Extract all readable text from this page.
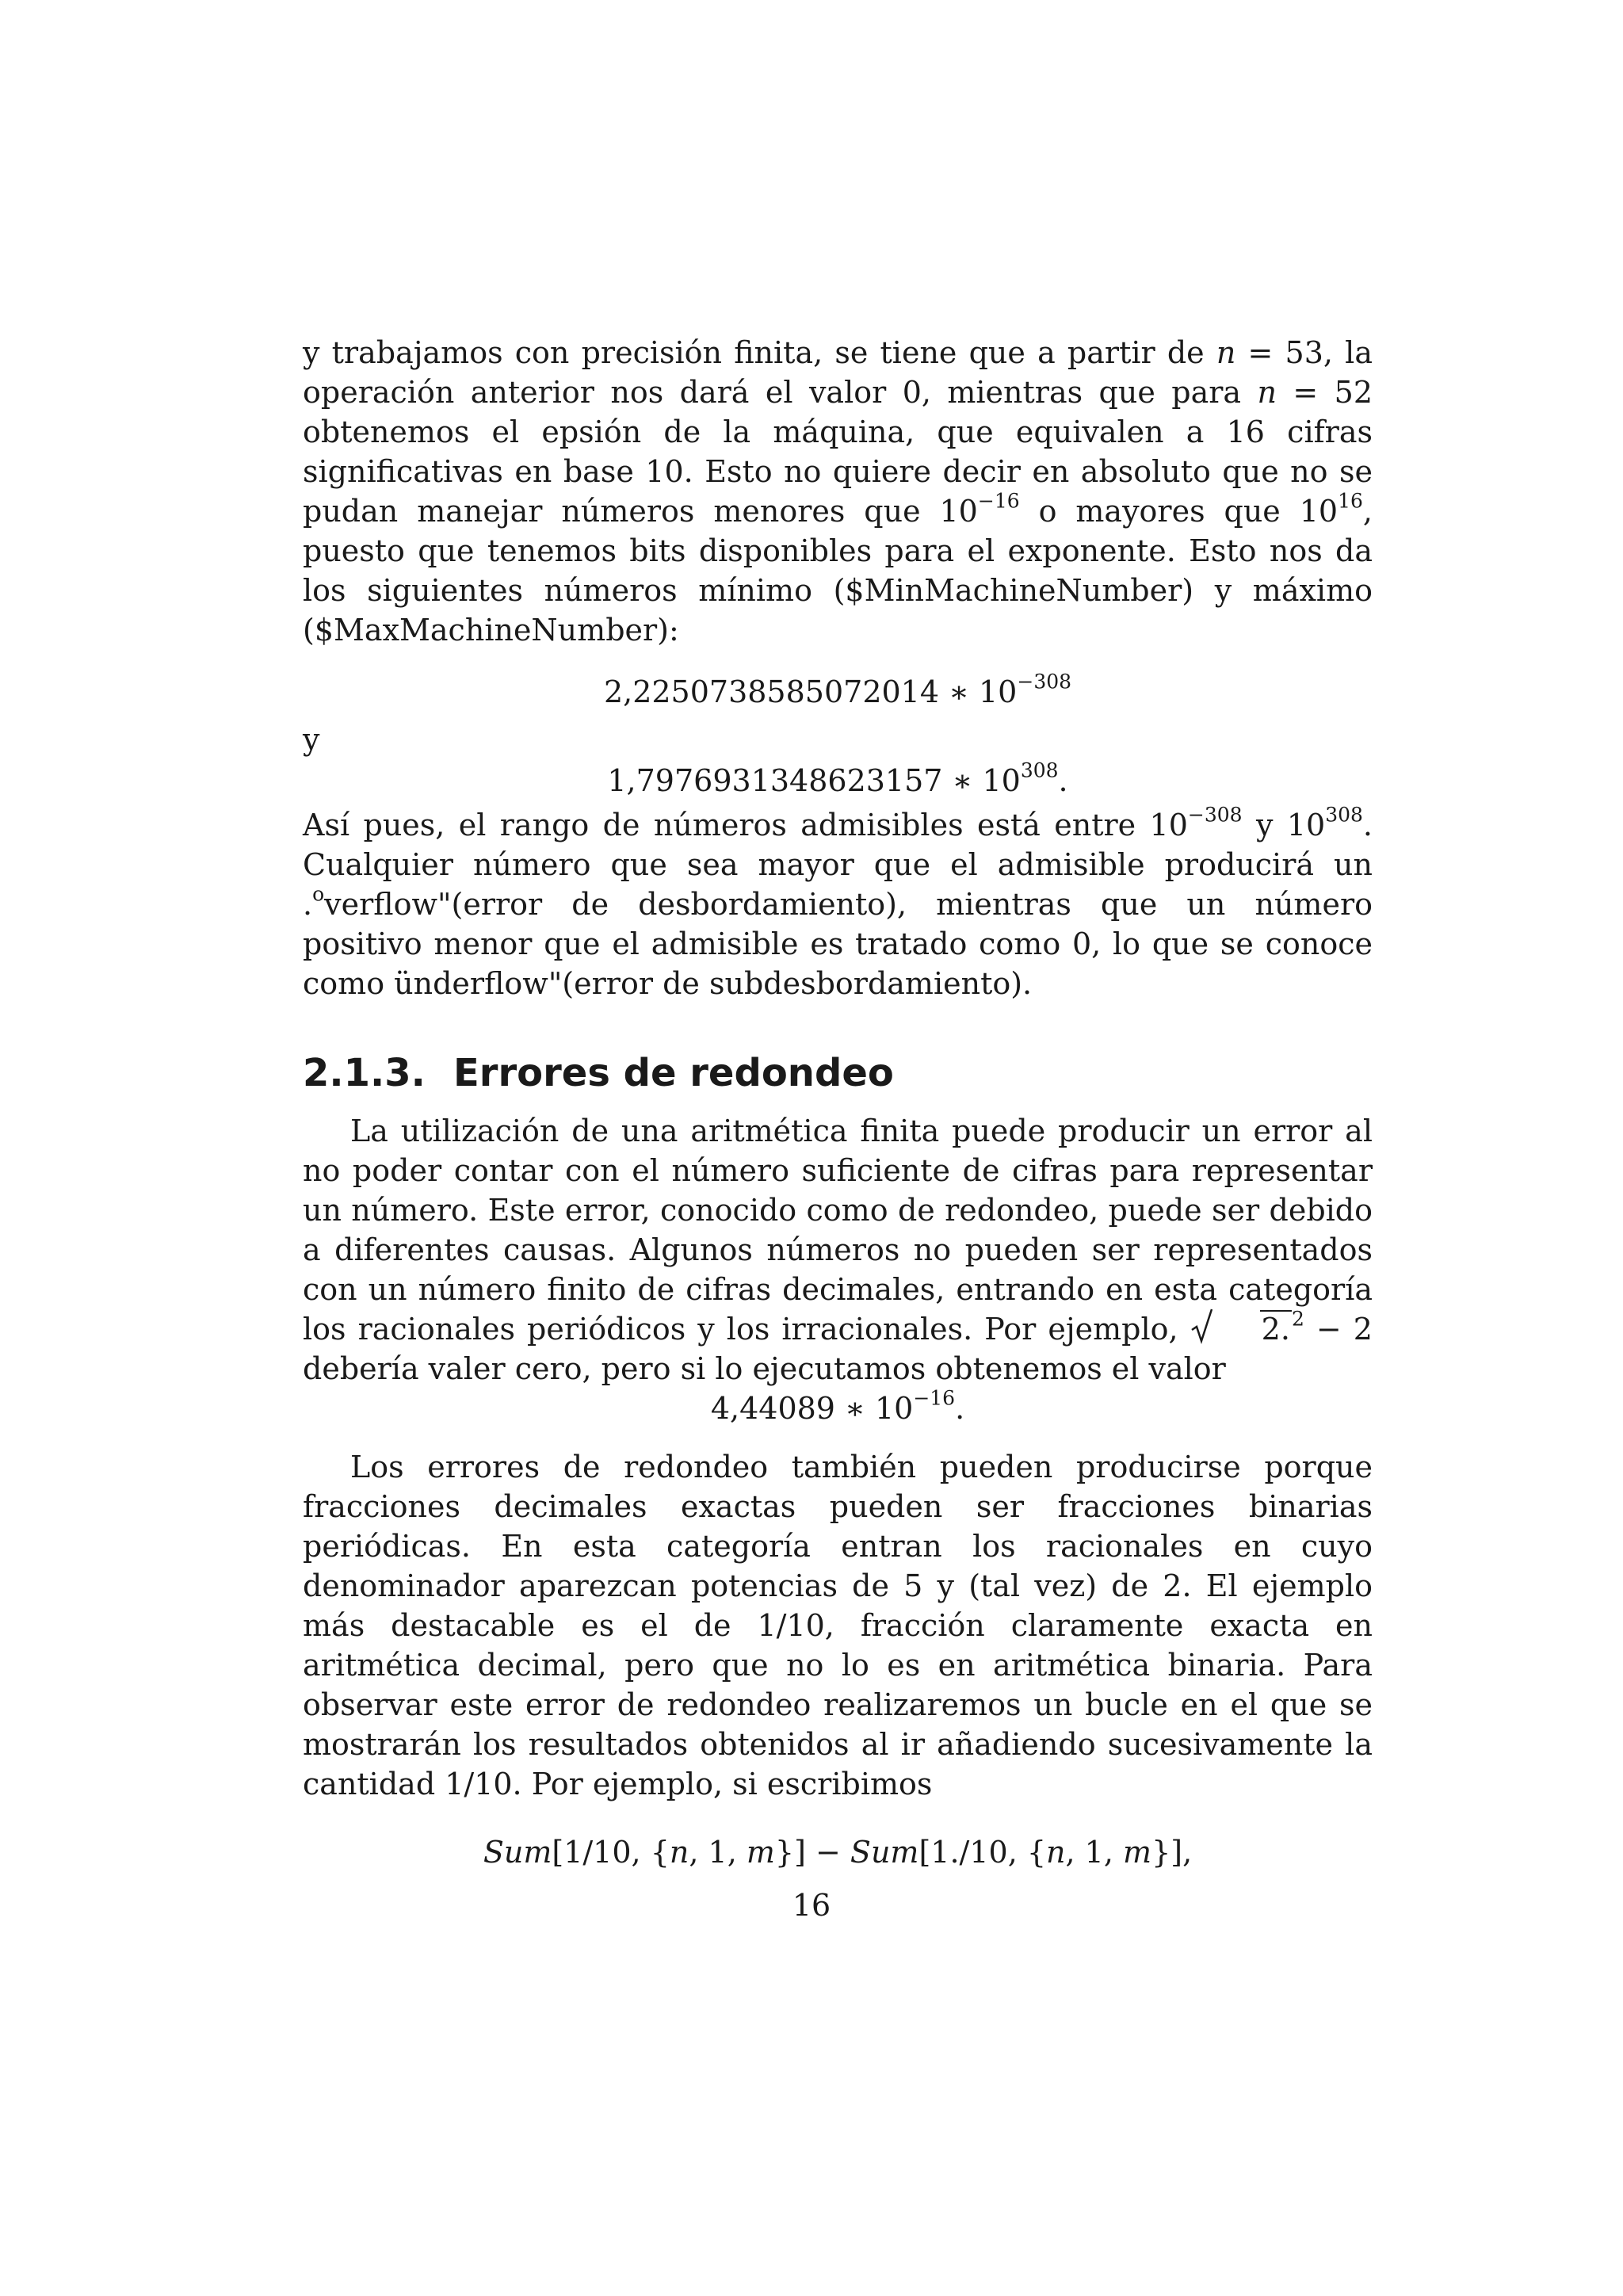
y trabajamos con precisión finita, se tiene que a partir de n = 53, la operación anterior nos dará el valor 0, mientras que para n = 52 obtenemos el epsión de la máquina, que equivalen a 16 cifras significativas en base 10. Esto no quiere decir en absoluto que no se pudan manejar números menores que $10^{-16}$ o mayores que $10^{16}$, puesto que tenemos bits disponibles para el exponente. Esto nos da los siguientes números mínimo ($MinMachineNumber) y máximo ($MaxMachineNumber):

2,2250738585072014 ∗ $10^{-308}$

y

1,7976931348623157 ∗ $10^{308}$.

Así pues, el rango de números admisibles está entre $10^{-308}$ y $10^{308}$. Cualquier número que sea mayor que el admisible producirá un .$^o$verflow"(error de desbordamiento), mientras que un número positivo menor que el admisible es tratado como 0, lo que se conoce como ünderflow"(error de subdesbordamiento).

2.1.3. Errores de redondeo

La utilización de una aritmética finita puede producir un error al no poder contar con el número suficiente de cifras para representar un número. Este error, conocido como de redondeo, puede ser debido a diferentes causas. Algunos números no pueden ser representados con un número finito de cifras decimales, entrando en esta categoría los racionales periódicos y los irracionales. Por ejemplo,
2.$^2$ − 2 debería valer cero, pero si lo ejecutamos obtenemos el valor

4,44089 ∗ $10^{-16}$.

Los errores de redondeo también pueden producirse porque fracciones decimales exactas pueden ser fracciones binarias periódicas. En esta categoría entran los racionales en cuyo denominador aparezcan potencias de 5 y (tal vez) de 2. El ejemplo más destacable es el de 1/10, fracción claramente exacta en aritmética decimal, pero que no lo es en aritmética binaria. Para observar este error de redondeo realizaremos un bucle en el que se mostrarán los resultados obtenidos al ir añadiendo sucesivamente la cantidad 1/10. Por ejemplo, si escribimos

Sum[1/10, {n, 1, m}] − Sum[1./10, {n, 1, m}],

16
